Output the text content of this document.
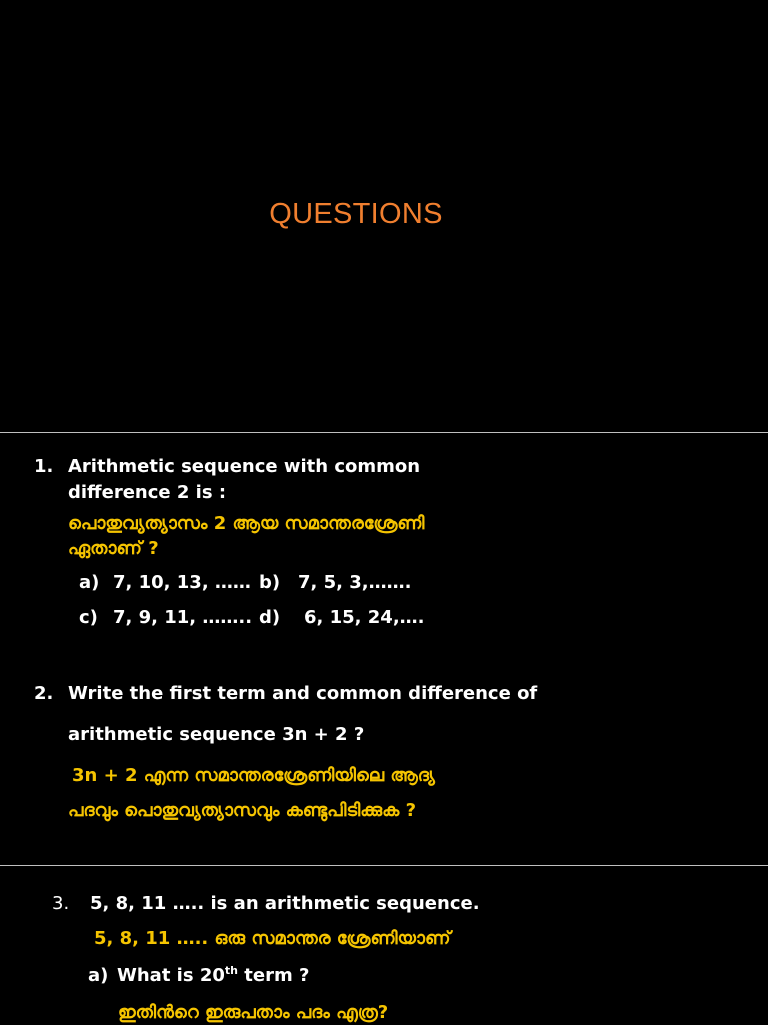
QUESTIONS
1. Arithmetic sequence with common
difference 2 is :
പൊതുവ്യത്യാസം 2 ആയ സമാന്തരശ്രേണി
ഏതാണ് ?
a) 7, 10, 13, …… b) 7, 5, 3,…….
c) 7, 9, 11, …….. d) 6, 15, 24,….
2. Write the first term and common difference of
arithmetic sequence 3n + 2 ?
3n + 2 എന്ന സമാന്തരശ്രേണിയിലെ ആദ്യ
പദവും പൊതുവ്യത്യാസവും കണ്ടുപിടിക്കുക ?
3. 5, 8, 11 ….. is an arithmetic sequence.
5, 8, 11 ….. ഒരു സമാന്തര ശ്രേണിയാണ്
a) What is 20th term ?
ഇതിൻറെ ഇരുപതാം പദം എത്ര?
